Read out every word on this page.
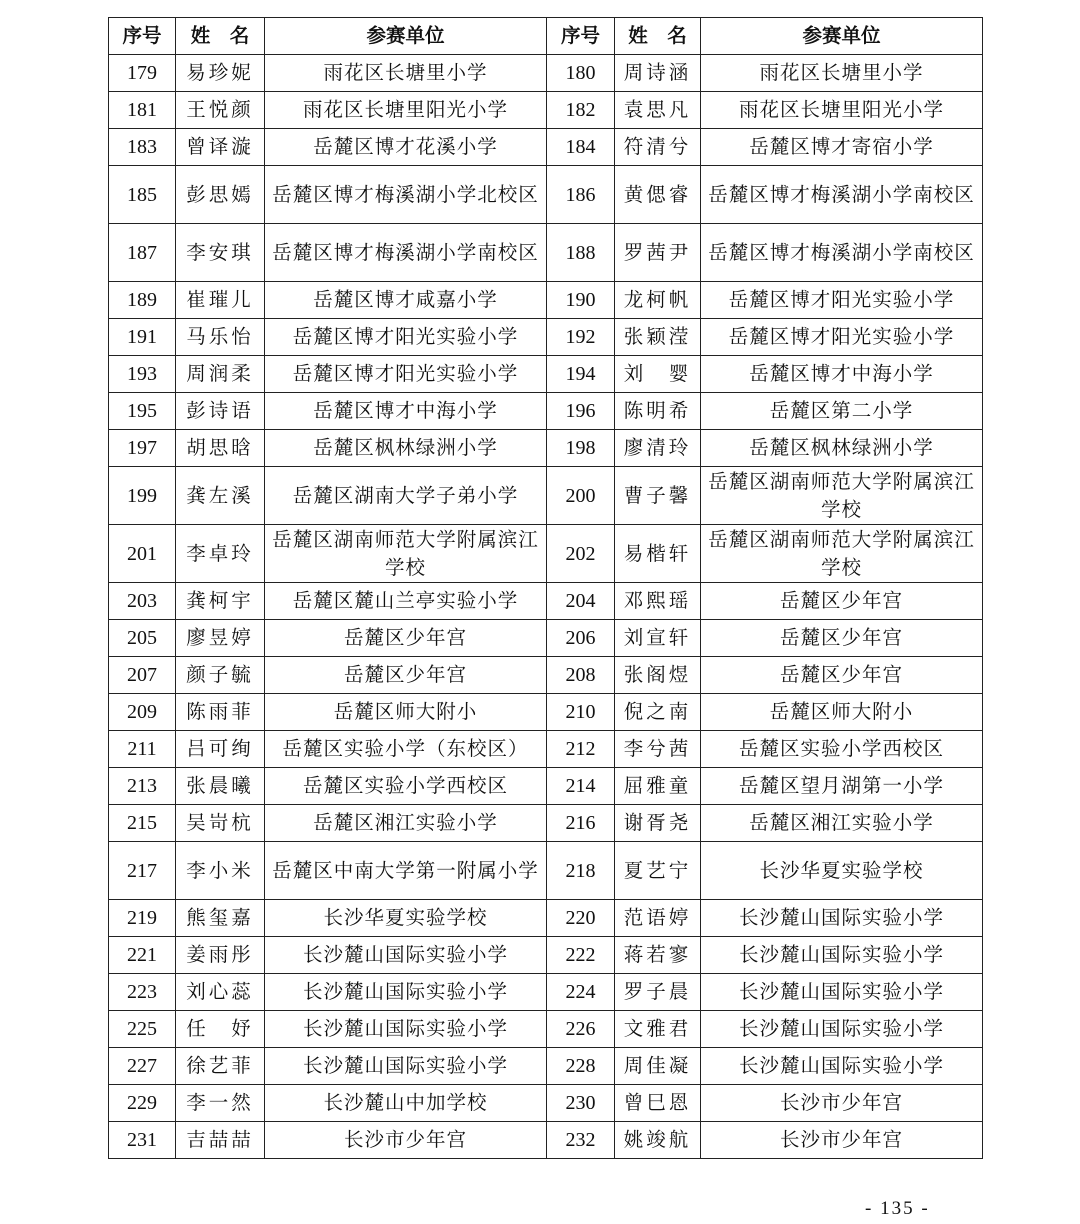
序号	姓　名	参赛单位	序号	姓　名	参赛单位
179	易珍妮	雨花区长塘里小学	180	周诗涵	雨花区长塘里小学
181	王悦颜	雨花区长塘里阳光小学	182	袁思凡	雨花区长塘里阳光小学
183	曾译漩	岳麓区博才花溪小学	184	符清兮	岳麓区博才寄宿小学
185	彭思嫣	岳麓区博才梅溪湖小学北校区	186	黄偲睿	岳麓区博才梅溪湖小学南校区
187	李安琪	岳麓区博才梅溪湖小学南校区	188	罗茜尹	岳麓区博才梅溪湖小学南校区
189	崔璀儿	岳麓区博才咸嘉小学	190	龙柯帆	岳麓区博才阳光实验小学
191	马乐怡	岳麓区博才阳光实验小学	192	张颖滢	岳麓区博才阳光实验小学
193	周润柔	岳麓区博才阳光实验小学	194	刘　婴	岳麓区博才中海小学
195	彭诗语	岳麓区博才中海小学	196	陈明希	岳麓区第二小学
197	胡思晗	岳麓区枫林绿洲小学	198	廖清玲	岳麓区枫林绿洲小学
199	龚左溪	岳麓区湖南大学子弟小学	200	曹子馨	岳麓区湖南师范大学附属滨江学校
201	李卓玲	岳麓区湖南师范大学附属滨江学校	202	易楷轩	岳麓区湖南师范大学附属滨江学校
203	龚柯宇	岳麓区麓山兰亭实验小学	204	邓熙瑶	岳麓区少年宫
205	廖昱婷	岳麓区少年宫	206	刘宣轩	岳麓区少年宫
207	颜子毓	岳麓区少年宫	208	张阁煜	岳麓区少年宫
209	陈雨菲	岳麓区师大附小	210	倪之南	岳麓区师大附小
211	吕可绚	岳麓区实验小学（东校区）	212	李兮茜	岳麓区实验小学西校区
213	张晨曦	岳麓区实验小学西校区	214	屈雅童	岳麓区望月湖第一小学
215	吴岢杭	岳麓区湘江实验小学	216	谢胥尧	岳麓区湘江实验小学
217	李小米	岳麓区中南大学第一附属小学	218	夏艺宁	长沙华夏实验学校
219	熊玺嘉	长沙华夏实验学校	220	范语婷	长沙麓山国际实验小学
221	姜雨彤	长沙麓山国际实验小学	222	蒋若寥	长沙麓山国际实验小学
223	刘心蕊	长沙麓山国际实验小学	224	罗子晨	长沙麓山国际实验小学
225	任　妤	长沙麓山国际实验小学	226	文雅君	长沙麓山国际实验小学
227	徐艺菲	长沙麓山国际实验小学	228	周佳凝	长沙麓山国际实验小学
229	李一然	长沙麓山中加学校	230	曾巳恩	长沙市少年宫
231	吉喆喆	长沙市少年宫	232	姚竣航	长沙市少年宫
- 135 -
